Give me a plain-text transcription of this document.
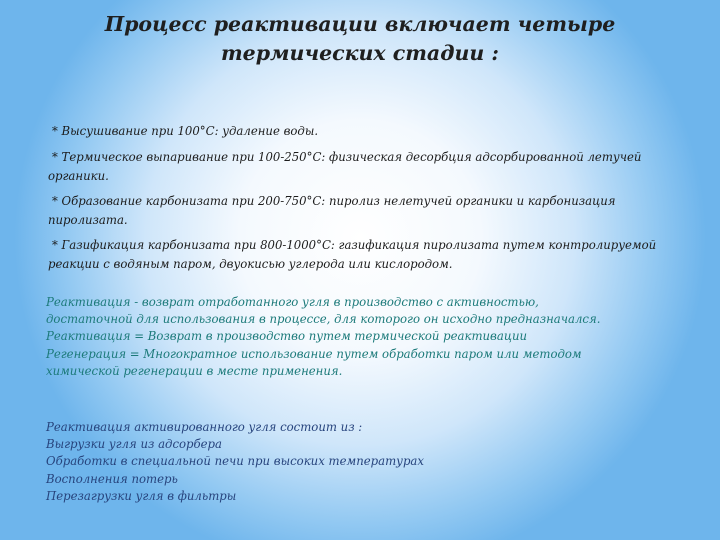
Процесс реактивации включает четыре
термических стадии :
* Высушивание при 100°С: удаление воды.
* Термическое выпаривание при 100-250°С: физическая десорбция адсорбированной летучей органики.
* Образование карбонизата при 200-750°С: пиролиз нелетучей органики и карбонизация пиролизата.
* Газификация карбонизата при 800-1000°С: газификация пиролизата путем контролируемой реакции с водяным паром, двуокисью углерода или кислородом.

Реактивация - возврат отработанного угля в производство с активностью,
достаточной для использования в процессе, для которого он исходно предназначался.
Реактивация = Возврат в производство путем термической реактивации
Регенерация = Многократное использование путем обработки паром или методом
химической регенерации в месте применения.

Реактивация активированного угля состоит из :
Выгрузки угля из адсорбера
Обработки в специальной печи при высоких температурах
Восполнения потерь
Перезагрузки угля в фильтры
